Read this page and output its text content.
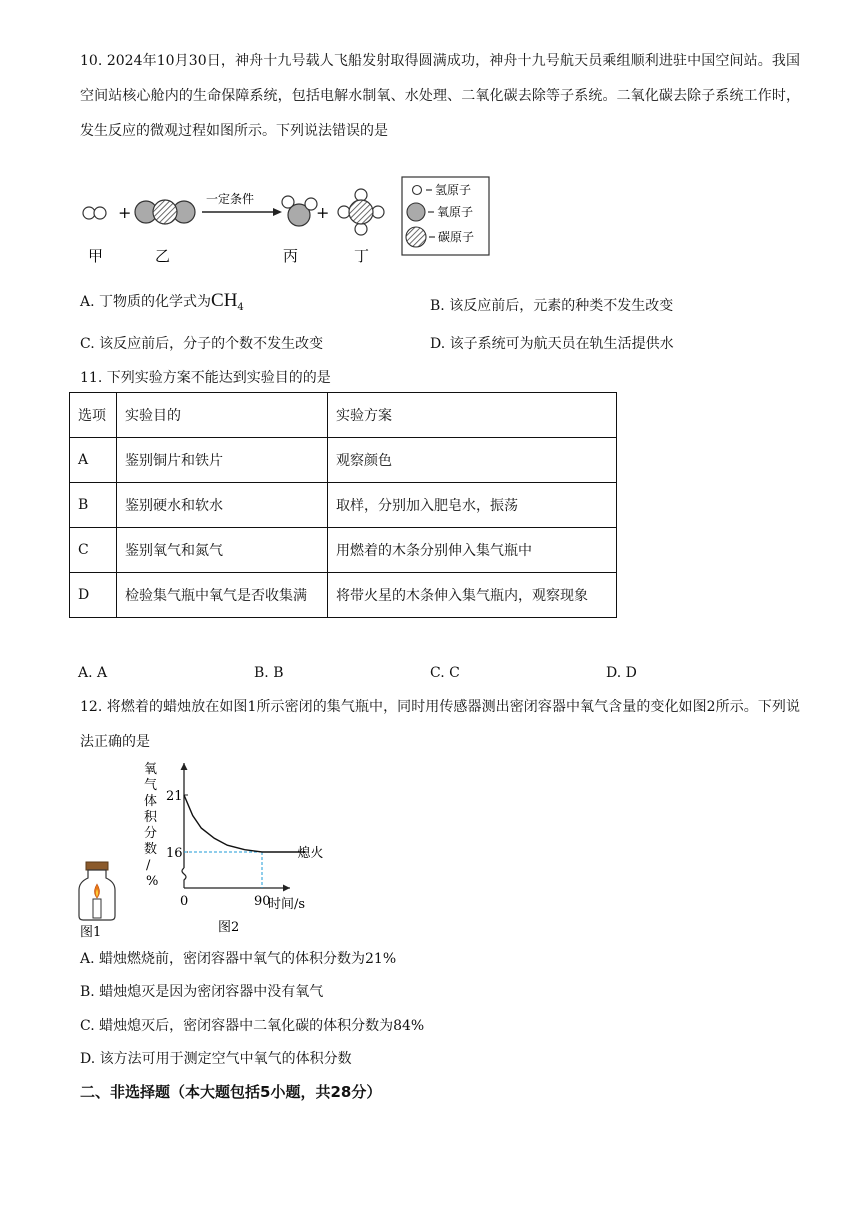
10. 2024年10月30日，神舟十九号载人飞船发射取得圆满成功，神舟十九号航天员乘组顺利进驻中国空间站。我国空间站核心舱内的生命保障系统，包括电解水制氧、水处理、二氧化碳去除等子系统。二氧化碳去除子系统工作时，发生反应的微观过程如图所示。下列说法错误的是
+
一定条件
+
甲	乙	丙	丁
氢原子
氧原子
碳原子
A. 丁物质的化学式为$CH_4$	B. 该反应前后，元素的种类不发生改变
C. 该反应前后，分子的个数不发生改变	D. 该子系统可为航天员在轨生活提供水
11. 下列实验方案不能达到实验目的的是
选项	实验目的	实验方案
A	鉴别铜片和铁片	观察颜色
B	鉴别硬水和软水	取样，分别加入肥皂水，振荡
C	鉴别氧气和氮气	用燃着的木条分别伸入集气瓶中
D	检验集气瓶中氧气是否收集满	将带火星的木条伸入集气瓶内，观察现象
A. A	B. B	C. C	D. D
12. 将燃着的蜡烛放在如图1所示密闭的集气瓶中，同时用传感器测出密闭容器中氧气含量的变化如图2所示。下列说法正确的是
图1
氧气体积分数/ %
21
16
0	90
熄火
时间/s
图2
A. 蜡烛燃烧前，密闭容器中氧气的体积分数为21%
B. 蜡烛熄灭是因为密闭容器中没有氧气
C. 蜡烛熄灭后，密闭容器中二氧化碳的体积分数为84%
D. 该方法可用于测定空气中氧气的体积分数
二、非选择题（本大题包括5小题，共28分）
